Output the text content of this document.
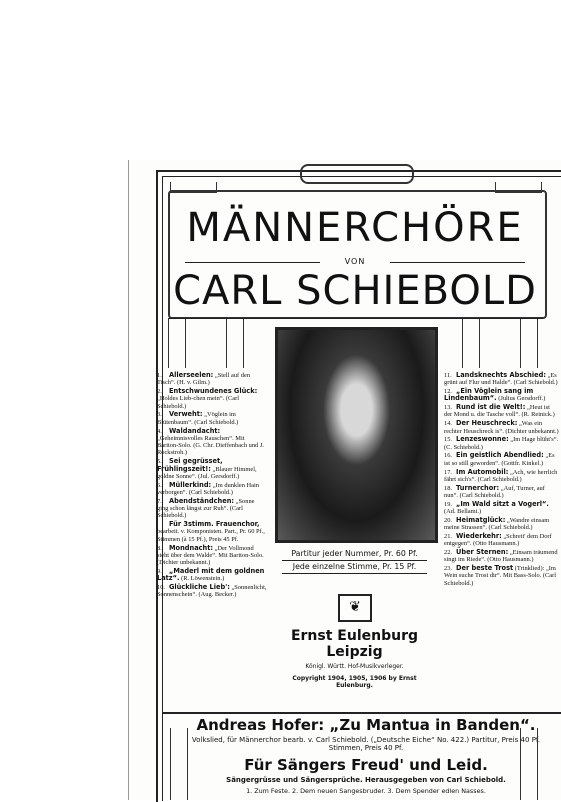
MÄNNERCHÖRE
VON
CARL SCHIEBOLD
1. Allerseelen: „Stell auf den Tisch“. (H. v. Gilm.)
2. Entschwundenes Glück: „Holdes Lieb-chen mein“. (Carl Schiebold.)
3. Verweht: „Vöglein im Blütenbaum“. (Carl Schiebold.)
4. Waldandacht: „Geheimnisvolles Rauschen“. Mit Bariton-Solo. (G. Chr. Dieffenbach und J. Rockstroh.)
5. Sei gegrüsset, Frühlingszeit!: „Blauer Himmel, goldne Sonne“. (Jul. Gersdorff.)
6. Müllerkind: „Im dunklen Hain verborgen“. (Carl Schiebold.)
7. Abendständchen: „Sonne ging schon längst zur Ruh“. (Carl Schiebold.)
Für 3stimm. Frauenchor, bearbeit. v. Komponisten. Part., Pr. 60 Pf., Stimmen (à 15 Pf.), Preis 45 Pf.
8. Mondnacht: „Der Vollmond steht über dem Walde“. Mit Bariton-Solo. (Dichter unbekannt.)
9. „Maderl mit dem goldnen Latz“. (R. Löwenstein.)
10. Glückliche Lieb': „Sonnenlicht, Sonnenschein“. (Aug. Becker.)
11. Landsknechts Abschied: „Es grünt auf Flur und Halde“. (Carl Schiebold.)
12. „Ein Vöglein sang im Lindenbaum“. (Julius Gersdorff.)
13. Rund ist die Welt!: „Heut ist der Mond u. die Tasche voll“. (R. Reinick.)
14. Der Heuschreck: „Was ein rechter Heuschreck is“. (Dichter unbekannt.)
15. Lenzeswonne: „Im Hage blüht's“. (C. Schiebold.)
16. Ein geistlich Abendlied: „Es ist so still geworden“. (Gottfr. Kinkel.)
17. Im Automobil: „Ach, wie herrlich fährt sich's“. (Carl Schiebold.)
18. Turnerchor: „Auf, Turner, auf nun“. (Carl Schiebold.)
19. „Im Wald sitzt a Vogerl“. (Ad. Bellami.)
20. Heimatglück: „Wandre einsam meine Strassen“. (Carl Schiebold.)
21. Wiederkehr: „Schreit' dem Dorf entgegen“. (Otto Hausmann.)
22. Über Sternen: „Einsam träumend singt im Riede“. (Otto Hausmann.)
23. Der beste Trost (Trinklied): „Im Wein suche Trost dir“. Mit Bass-Solo. (Carl Schiebold.)
Partitur jeder Nummer, Pr. 60 Pf.
Jede einzelne Stimme, Pr. 15 Pf.
❦
Ernst Eulenburg
Leipzig
Königl. Württ. Hof-Musikverleger.
Copyright 1904, 1905, 1906 by Ernst Eulenburg.
Andreas Hofer: „Zu Mantua in Banden“.
Volkslied, für Männerchor bearb. v. Carl Schiebold. („Deutsche Eiche“ No. 422.) Partitur, Preis 40 Pf. Stimmen, Preis 40 Pf.
Für Sängers Freud' und Leid.
Sängergrüsse und Sängersprüche. Herausgegeben von Carl Schiebold.
1. Zum Feste. 2. Dem neuen Sangesbruder. 3. Dem Spender edlen Nasses.
